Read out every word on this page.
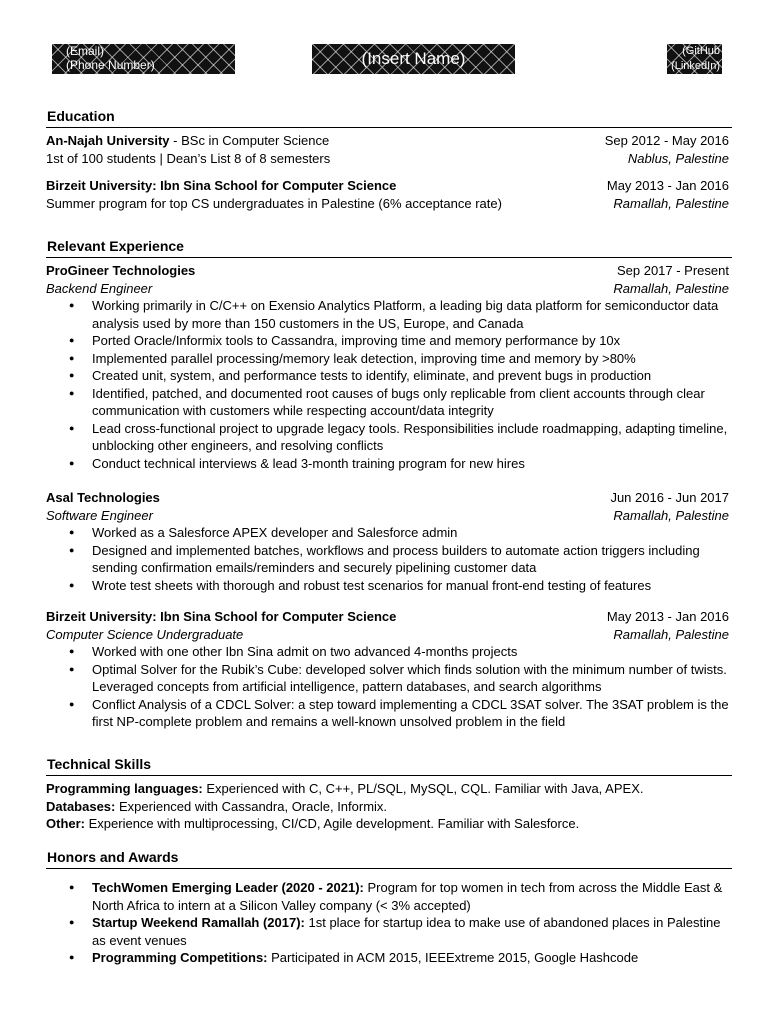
(Email)
(Phone Number)	(Insert Name)	(GitHub
(LinkedIn)
Education
An-Najah University - BSc in Computer Science	Sep 2012 - May 2016
1st of 100 students | Dean’s List 8 of 8 semesters	Nablus, Palestine
Birzeit University: Ibn Sina School for Computer Science	May 2013 - Jan 2016
Summer program for top CS undergraduates in Palestine (6% acceptance rate)	Ramallah, Palestine
Relevant Experience
ProGineer Technologies	Sep 2017 - Present
Backend Engineer	Ramallah, Palestine
● Working primarily in C/C++ on Exensio Analytics Platform, a leading big data platform for semiconductor data analysis used by more than 150 customers in the US, Europe, and Canada
● Ported Oracle/Informix tools to Cassandra, improving time and memory performance by 10x
● Implemented parallel processing/memory leak detection, improving time and memory by >80%
● Created unit, system, and performance tests to identify, eliminate, and prevent bugs in production
● Identified, patched, and documented root causes of bugs only replicable from client accounts through clear communication with customers while respecting account/data integrity
● Lead cross-functional project to upgrade legacy tools. Responsibilities include roadmapping, adapting timeline, unblocking other engineers, and resolving conflicts
● Conduct technical interviews & lead 3-month training program for new hires
Asal Technologies	Jun 2016 - Jun 2017
Software Engineer	Ramallah, Palestine
● Worked as a Salesforce APEX developer and Salesforce admin
● Designed and implemented batches, workflows and process builders to automate action triggers including sending confirmation emails/reminders and securely pipelining customer data
● Wrote test sheets with thorough and robust test scenarios for manual front-end testing of features
Birzeit University: Ibn Sina School for Computer Science	May 2013 - Jan 2016
Computer Science Undergraduate	Ramallah, Palestine
● Worked with one other Ibn Sina admit on two advanced 4-months projects
● Optimal Solver for the Rubik’s Cube: developed solver which finds solution with the minimum number of twists. Leveraged concepts from artificial intelligence, pattern databases, and search algorithms
● Conflict Analysis of a CDCL Solver: a step toward implementing a CDCL 3SAT solver. The 3SAT problem is the first NP-complete problem and remains a well-known unsolved problem in the field
Technical Skills
Programming languages: Experienced with C, C++, PL/SQL, MySQL, CQL. Familiar with Java, APEX.
Databases: Experienced with Cassandra, Oracle, Informix.
Other: Experience with multiprocessing, CI/CD, Agile development. Familiar with Salesforce.
Honors and Awards
● TechWomen Emerging Leader (2020 - 2021): Program for top women in tech from across the Middle East & North Africa to intern at a Silicon Valley company (< 3% accepted)
● Startup Weekend Ramallah (2017): 1st place for startup idea to make use of abandoned places in Palestine as event venues
● Programming Competitions: Participated in ACM 2015, IEEExtreme 2015, Google Hashcode
